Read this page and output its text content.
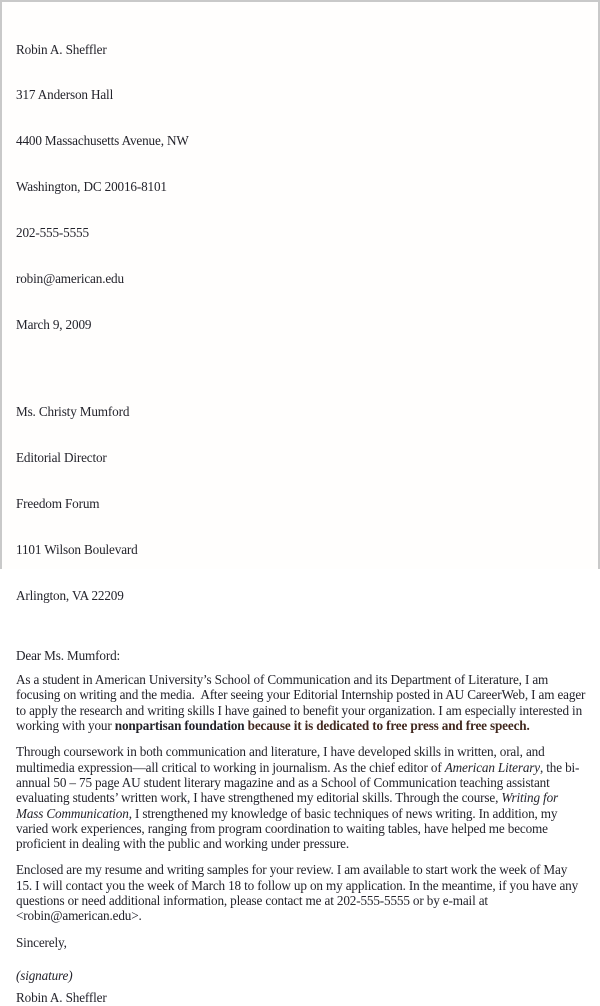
Robin A. Sheffler

317 Anderson Hall

4400 Massachusetts Avenue, NW

Washington, DC 20016-8101

202-555-5555

robin@american.edu

March 9, 2009

Ms. Christy Mumford

Editorial Director

Freedom Forum

1101 Wilson Boulevard

Arlington, VA 22209

Dear Ms. Mumford:

As a student in American University’s School of Communication and its Department of Literature, I am focusing on writing and the media.  After seeing your Editorial Internship posted in AU CareerWeb, I am eager to apply the research and writing skills I have gained to benefit your organization. I am especially interested in working with your nonpartisan foundation because it is dedicated to free press and free speech.

Through coursework in both communication and literature, I have developed skills in written, oral, and multimedia expression—all critical to working in journalism. As the chief editor of American Literary, the bi-annual 50 – 75 page AU student literary magazine and as a School of Communication teaching assistant evaluating students’ written work, I have strengthened my editorial skills. Through the course, Writing for Mass Communication, I strengthened my knowledge of basic techniques of news writing. In addition, my varied work experiences, ranging from program coordination to waiting tables, have helped me become proficient in dealing with the public and working under pressure.

Enclosed are my resume and writing samples for your review. I am available to start work the week of May 15. I will contact you the week of March 18 to follow up on my application. In the meantime, if you have any questions or need additional information, please contact me at 202-555-5555 or by e-mail at <robin@american.edu>.

Sincerely,
(signature)
Robin A. Sheffler
